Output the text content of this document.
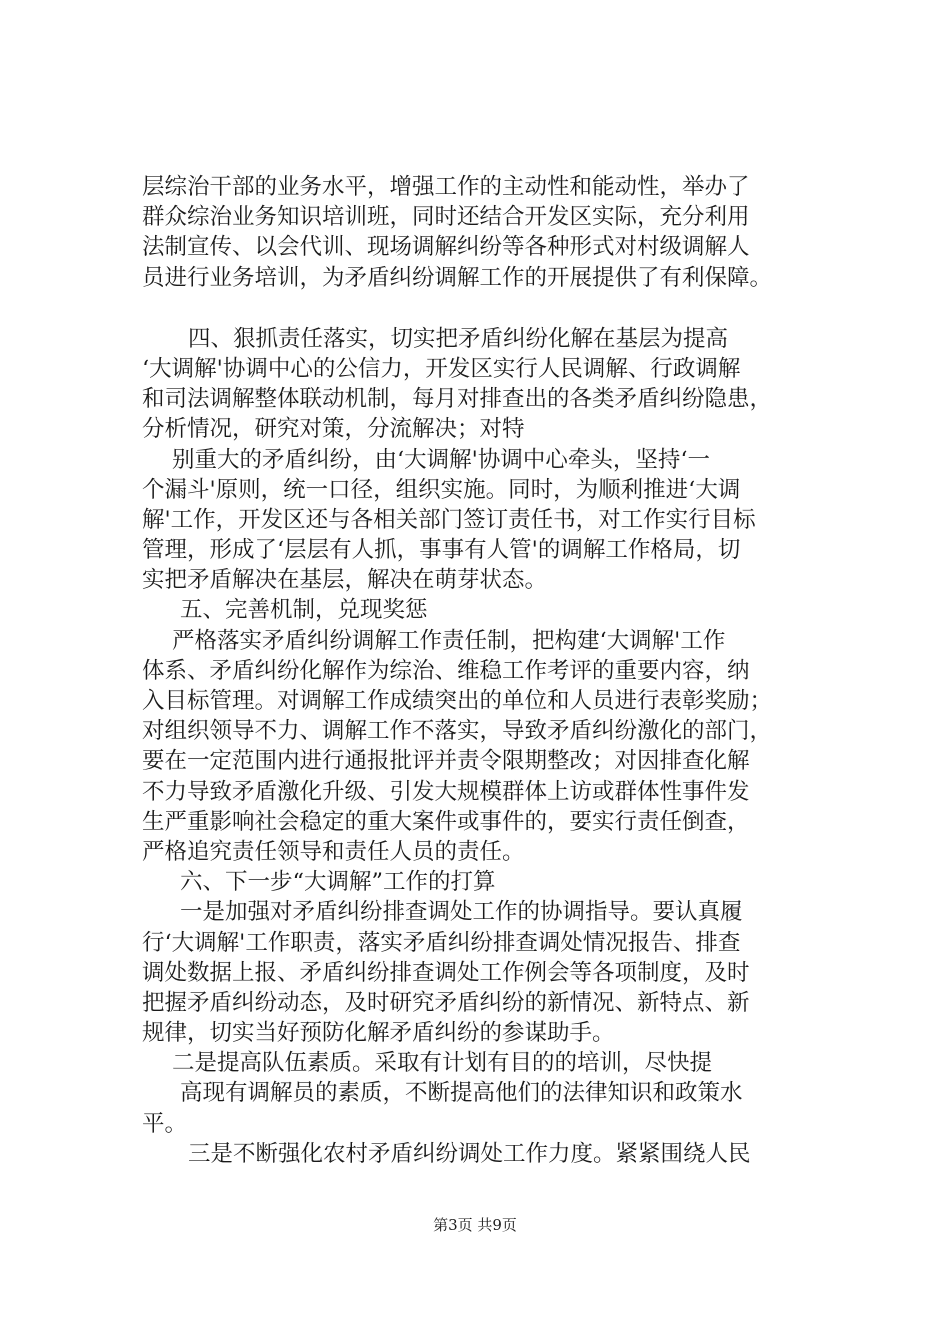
层综治干部的业务水平，增强工作的主动性和能动性，举办了
群众综治业务知识培训班，同时还结合开发区实际，充分利用
法制宣传、以会代训、现场调解纠纷等各种形式对村级调解人
员进行业务培训，为矛盾纠纷调解工作的开展提供了有利保障。
四、狠抓责任落实，切实把矛盾纠纷化解在基层为提高
‘大调解'协调中心的公信力，开发区实行人民调解、行政调解
和司法调解整体联动机制，每月对排查出的各类矛盾纠纷隐患，
分析情况，研究对策，分流解决；对特
别重大的矛盾纠纷，由‘大调解'协调中心牵头，坚持‘一
个漏斗'原则，统一口径，组织实施。同时，为顺利推进‘大调
解'工作，开发区还与各相关部门签订责任书，对工作实行目标
管理，形成了‘层层有人抓，事事有人管'的调解工作格局，切
实把矛盾解决在基层，解决在萌芽状态。
五、完善机制，兑现奖惩
严格落实矛盾纠纷调解工作责任制，把构建‘大调解'工作
体系、矛盾纠纷化解作为综治、维稳工作考评的重要内容，纳
入目标管理。对调解工作成绩突出的单位和人员进行表彰奖励；
对组织领导不力、调解工作不落实，导致矛盾纠纷激化的部门，
要在一定范围内进行通报批评并责令限期整改；对因排查化解
不力导致矛盾激化升级、引发大规模群体上访或群体性事件发
生严重影响社会稳定的重大案件或事件的，要实行责任倒查，
严格追究责任领导和责任人员的责任。
六、下一步“大调解”工作的打算
一是加强对矛盾纠纷排查调处工作的协调指导。要认真履
行‘大调解'工作职责，落实矛盾纠纷排查调处情况报告、排查
调处数据上报、矛盾纠纷排查调处工作例会等各项制度，及时
把握矛盾纠纷动态，及时研究矛盾纠纷的新情况、新特点、新
规律，切实当好预防化解矛盾纠纷的参谋助手。
二是提高队伍素质。采取有计划有目的的培训，尽快提
高现有调解员的素质，不断提高他们的法律知识和政策水
平。
三是不断强化农村矛盾纠纷调处工作力度。紧紧围绕人民
第3页 共9页
